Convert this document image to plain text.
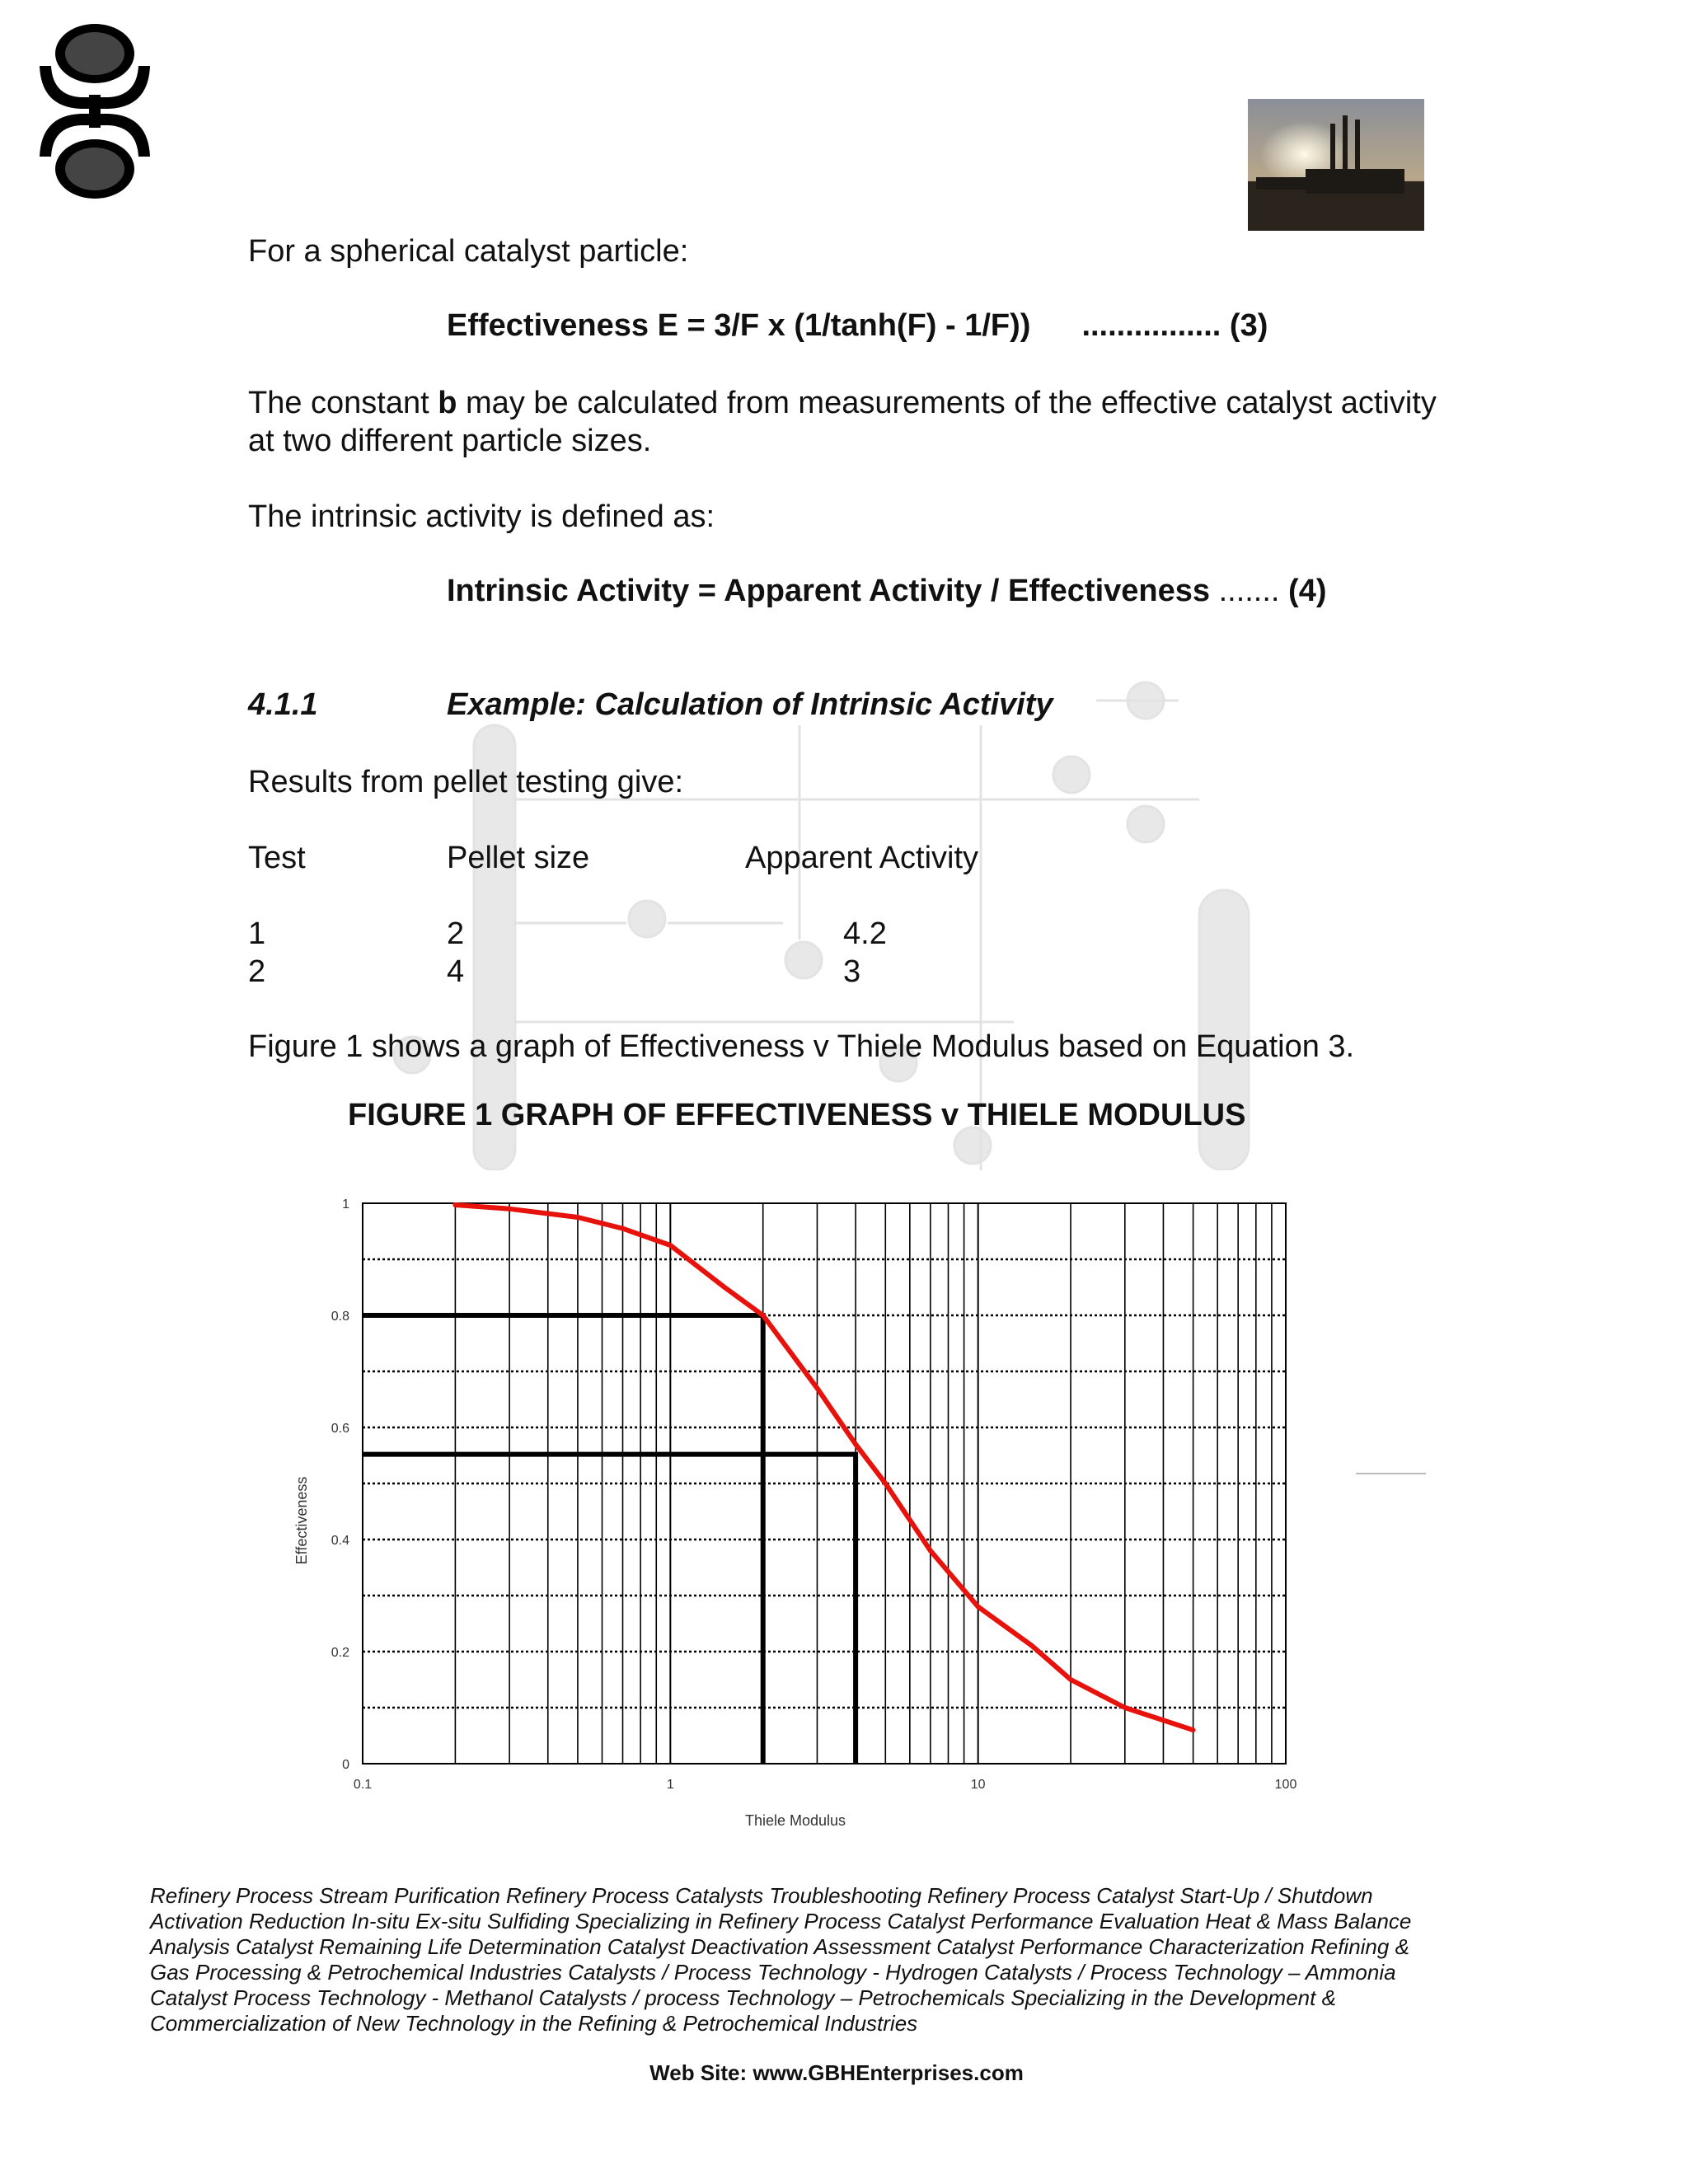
For a spherical catalyst particle:
Effectiveness E = 3/F x (1/tanh(F) - 1/F)) ................ (3)
The constant b may be calculated from measurements of the effective catalyst activity at two different particle sizes.
The intrinsic activity is defined as:
Intrinsic Activity = Apparent Activity / Effectiveness ....... (4)
4.1.1	Example: Calculation of Intrinsic Activity
Results from pellet testing give:
Test	Pellet size	Apparent Activity
1	2	4.2
2	4	3
Figure 1 shows a graph of Effectiveness v Thiele Modulus based on Equation 3.
FIGURE 1 GRAPH OF EFFECTIVENESS v THIELE MODULUS
0.1	1	10	100
0
0.2
0.4
0.6
0.8
1
Thiele Modulus
Effectiveness
Refinery Process Stream Purification Refinery Process Catalysts Troubleshooting Refinery Process Catalyst Start-Up / Shutdown Activation Reduction In-situ Ex-situ Sulfiding Specializing in Refinery Process Catalyst Performance Evaluation Heat & Mass Balance Analysis Catalyst Remaining Life Determination Catalyst Deactivation Assessment Catalyst Performance Characterization Refining & Gas Processing & Petrochemical Industries Catalysts / Process Technology - Hydrogen Catalysts / Process Technology – Ammonia Catalyst Process Technology - Methanol Catalysts / process Technology – Petrochemicals Specializing in the Development & Commercialization of New Technology in the Refining & Petrochemical Industries
Web Site: www.GBHEnterprises.com
